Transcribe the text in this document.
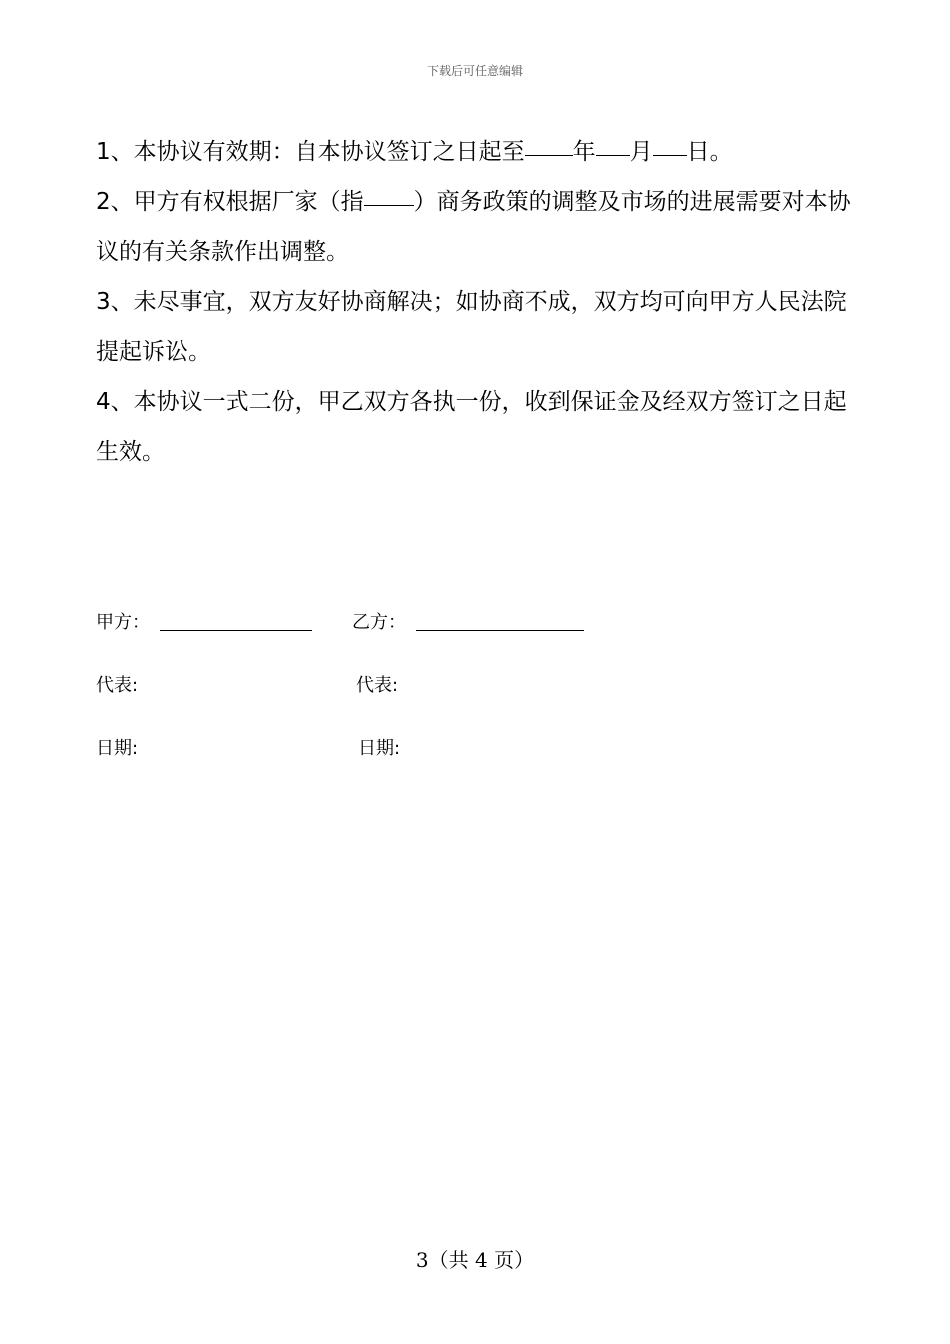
下载后可任意编辑

1、本协议有效期：自本协议签订之日起至 年 月 日。

2、甲方有权根据厂家（指 ）商务政策的调整及市场的进展需要对本协议的有关条款作出调整。

3、未尽事宜，双方友好协商解决；如协商不成，双方均可向甲方人民法院提起诉讼。

4、本协议一式二份，甲乙双方各执一份，收到保证金及经双方签订之日起生效。

甲方：	乙方：
代表:	代表:
日期:	日期:
3（共 4 页）
